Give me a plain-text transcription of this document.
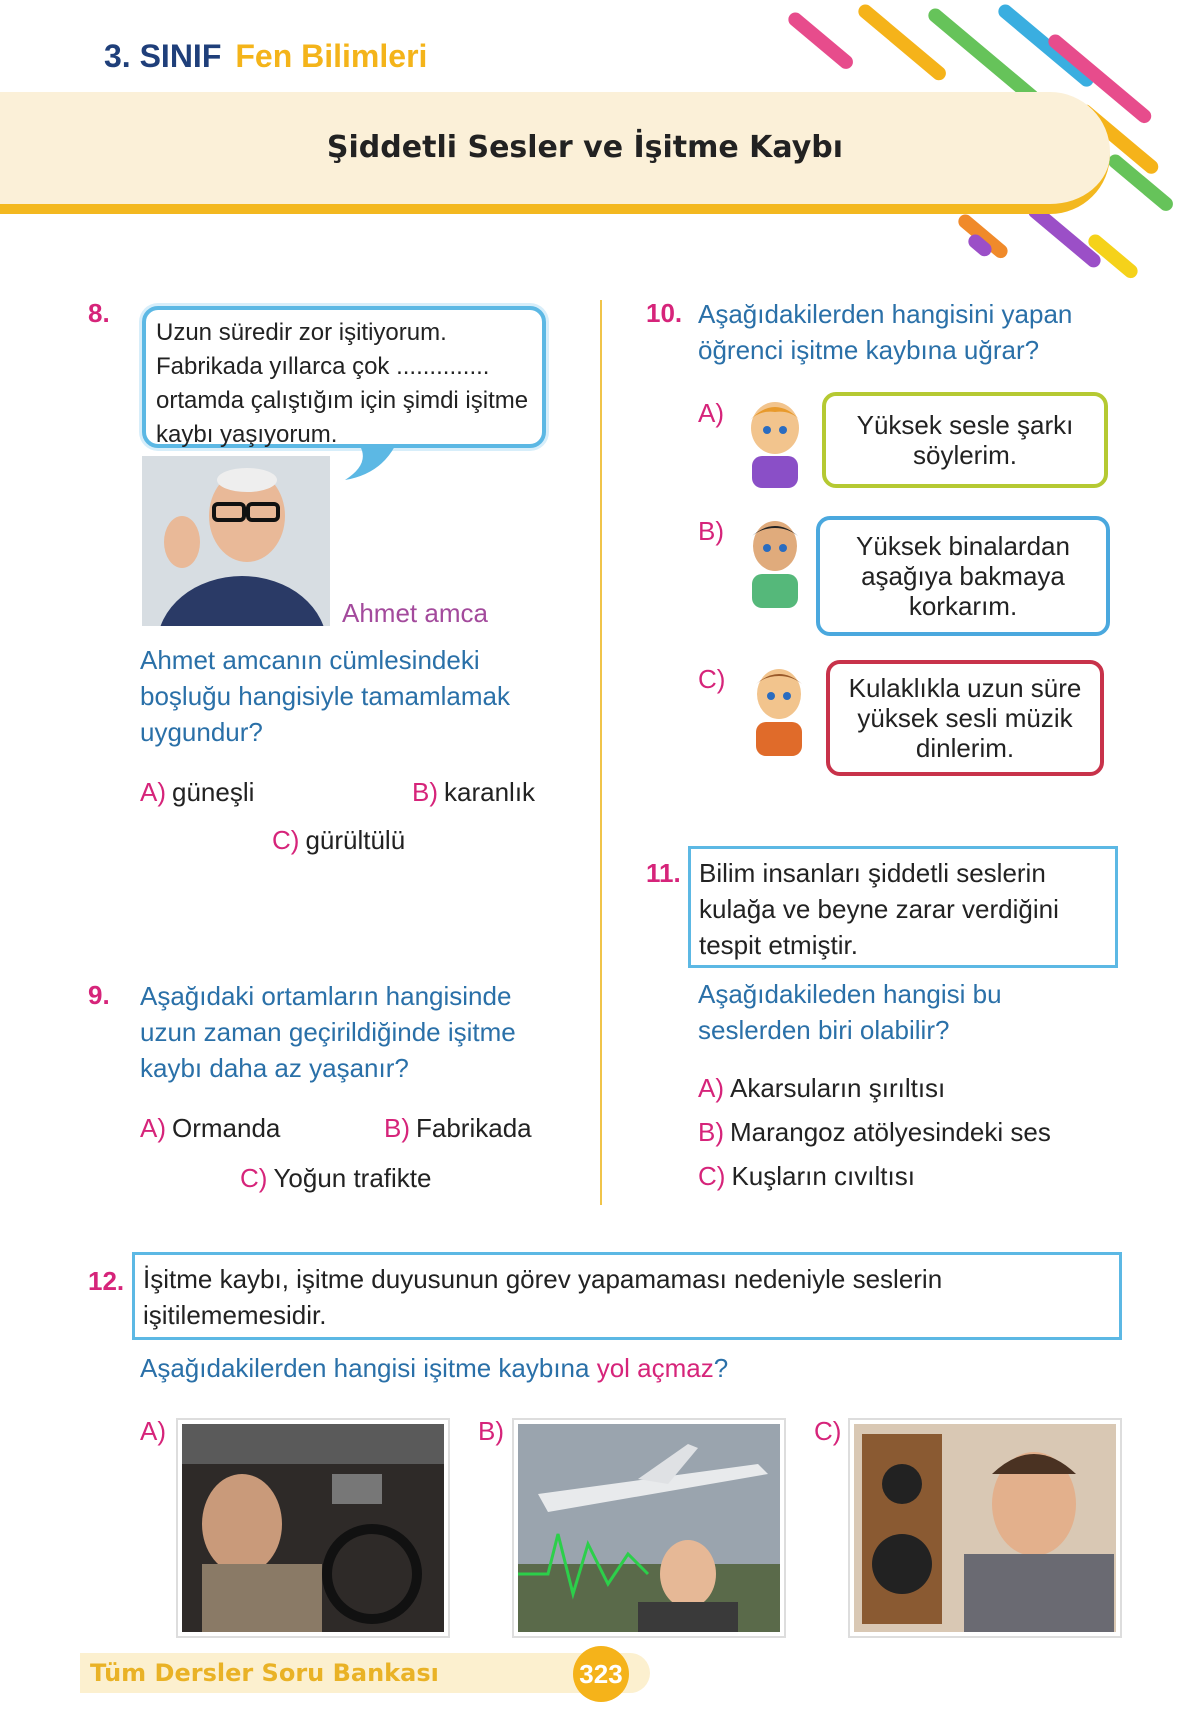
3. SINIF Fen Bilimleri
Şiddetli Sesler ve İşitme Kaybı
8.
Uzun süredir zor işitiyorum. Fabrikada yıllarca çok .............. ortamda çalıştığım için şimdi işitme kaybı yaşıyorum.
Ahmet amca
Ahmet amcanın cümlesindeki boşluğu hangisiyle tamamlamak uygundur?
A) güneşli	B) karanlık
C) gürültülü
9. Aşağıdaki ortamların hangisinde uzun zaman geçirildiğinde işitme kaybı daha az yaşanır?
A) Ormanda	B) Fabrikada
C) Yoğun trafikte
10. Aşağıdakilerden hangisini yapan öğrenci işitme kaybına uğrar?
A)	Yüksek sesle şarkı söylerim.
B)	Yüksek binalardan aşağıya bakmaya korkarım.
C)	Kulaklıkla uzun süre yüksek sesli müzik dinlerim.
11. Bilim insanları şiddetli seslerin kulağa ve beyne zarar verdiğini tespit etmiştir.
Aşağıdakileden hangisi bu seslerden biri olabilir?
A) Akarsuların şırıltısı
B) Marangoz atölyesindeki ses
C) Kuşların cıvıltısı
12. İşitme kaybı, işitme duyusunun görev yapamaması nedeniyle seslerin işitilememesidir.
Aşağıdakilerden hangisi işitme kaybına yol açmaz?
A)	B)	C)
Tüm Dersler Soru Bankası	323
